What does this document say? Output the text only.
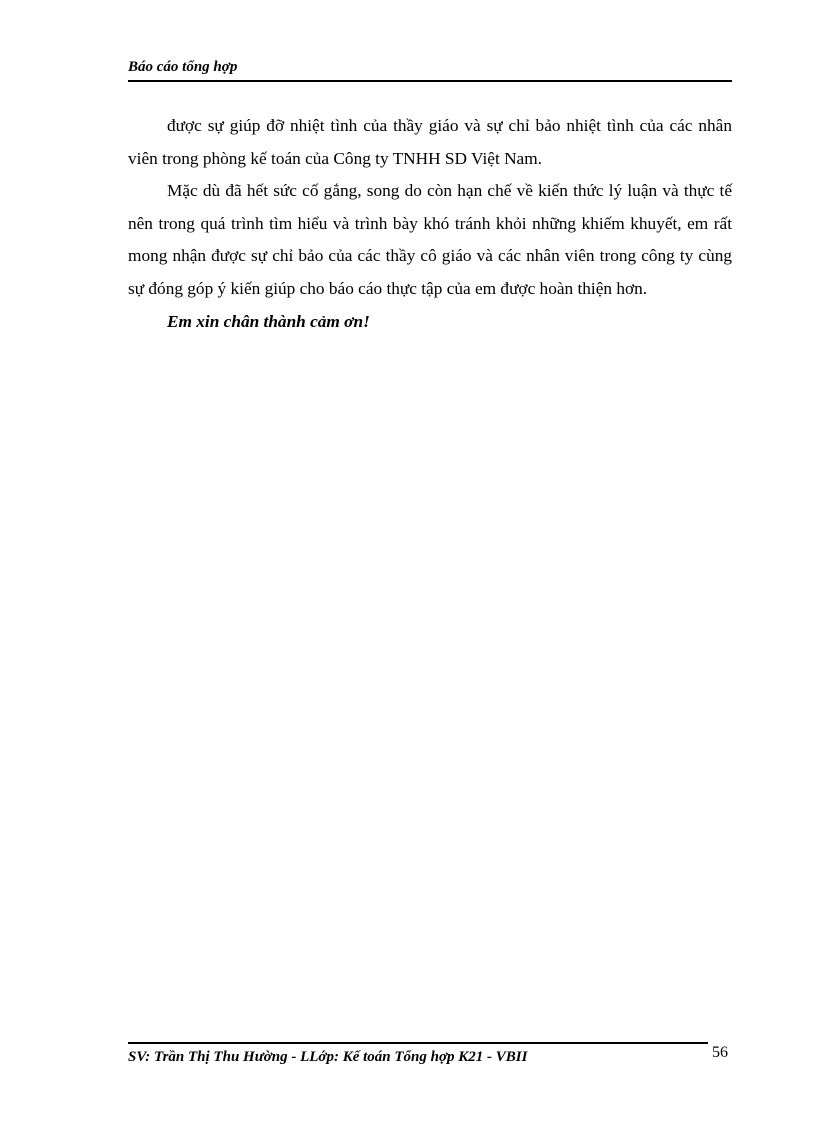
Báo cáo tổng hợp

được sự giúp đỡ nhiệt tình của thầy giáo và sự chỉ bảo nhiệt tình của các nhân viên trong phòng kế toán của Công ty TNHH SD Việt Nam.

Mặc dù đã hết sức cố gắng, song do còn hạn chế về kiến thức lý luận và thực tế nên trong quá trình tìm hiểu và trình bày khó tránh khỏi những khiếm khuyết, em rất mong nhận được sự chỉ bảo của các thầy cô giáo và các nhân viên trong công ty cùng sự đóng góp ý kiến giúp cho báo cáo thực tập của em được hoàn thiện hơn.

Em xin chân thành cảm ơn!

SV: Trần Thị Thu Hường - LLớp: Kế toán Tổng hợp K21 - VBII	56
